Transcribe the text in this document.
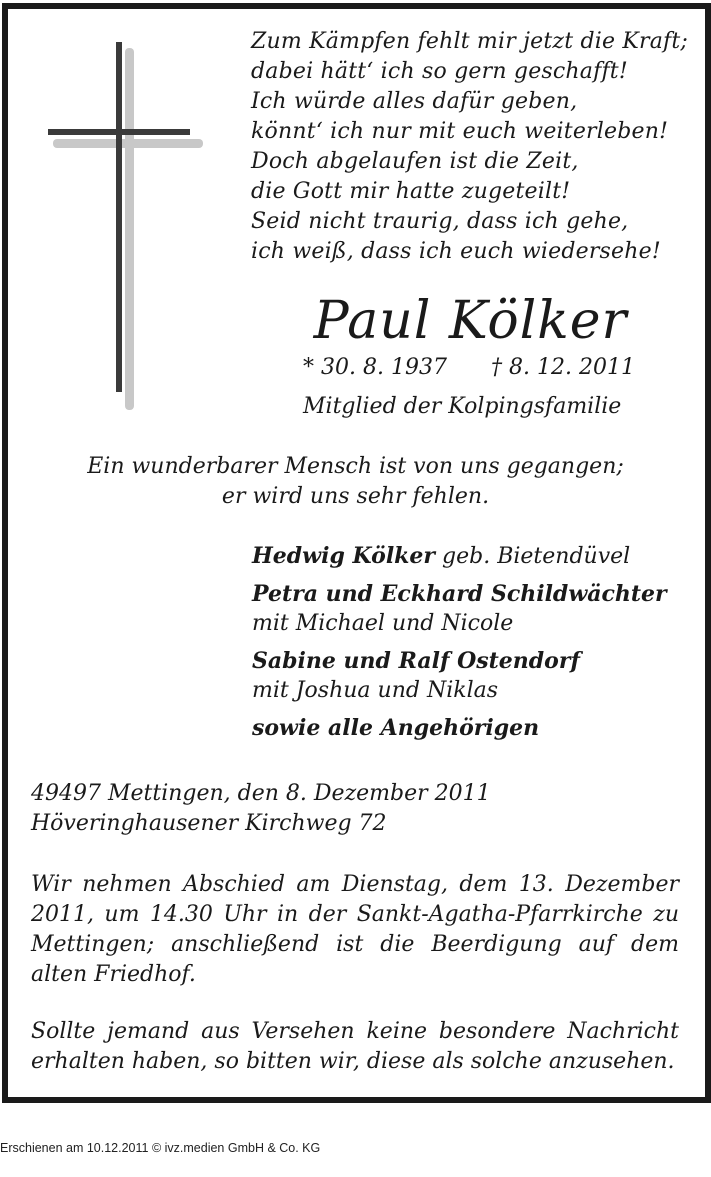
Zum Kämpfen fehlt mir jetzt die Kraft;
dabei hätt‘ ich so gern geschafft!
Ich würde alles dafür geben,
könnt‘ ich nur mit euch weiterleben!
Doch abgelaufen ist die Zeit,
die Gott mir hatte zugeteilt!
Seid nicht traurig, dass ich gehe,
ich weiß, dass ich euch wiedersehe!
Paul Kölker
* 30. 8. 1937 † 8. 12. 2011
Mitglied der Kolpingsfamilie
Ein wunderbarer Mensch ist von uns gegangen;
er wird uns sehr fehlen.
Hedwig Kölker geb. Bietendüvel
Petra und Eckhard Schildwächter
mit Michael und Nicole
Sabine und Ralf Ostendorf
mit Joshua und Niklas
sowie alle Angehörigen
49497 Mettingen, den 8. Dezember 2011
Höveringhausener Kirchweg 72
Wir nehmen Abschied am Dienstag, dem 13. Dezember 2011, um 14.30 Uhr in der Sankt-Agatha-Pfarrkirche zu Mettingen; anschließend ist die Beerdigung auf dem alten Friedhof.
Sollte jemand aus Versehen keine besondere Nachricht erhalten haben, so bitten wir, diese als solche anzusehen.
Erschienen am 10.12.2011 © ivz.medien GmbH & Co. KG
